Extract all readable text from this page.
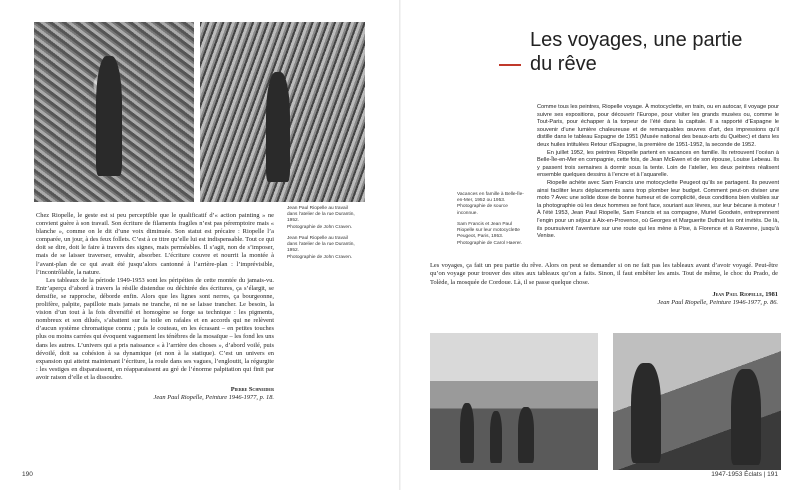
Chez Riopelle, le geste est si peu perceptible que le qualificatif d’« action painting » ne convient guère à son travail. Son écriture de filaments fragiles n’est pas péremptoire mais « blanche », comme on le dit d’une voix diminuée. Son statut est précaire : Riopelle l’a comparée, un jour, à des feux follets. C’est à ce titre qu’elle lui est indispensable. Tout ce qui doit se dire, doit le faire à travers des signes, mais perméables. Il s’agit, non de s’imposer, mais de se laisser traverser, envahir, absorber. L’écriture couvre et nourrit la montée à l’avant-plan de ce qui avait été jusqu’alors cantonné à l’arrière-plan : l’imprévisible, l’incontrôlable, la nature.

Les tableaux de la période 1949-1953 sont les péripéties de cette montée du jamais-vu. Entr’aperçu d’abord à travers la résille distendue ou déchirée des écritures, ça s’élargit, se densifie, se rapproche, déborde enfin. Alors que les lignes sont nerres, ça bourgeonne, prolifère, palpite, papillote mais jamais ne tranche, ni ne se laisse trancher. Le besoin, la vision d’un tout à la fois diversifié et homogène se forge sa technique : les pigments, nombreux et son dilués, s’abattent sur la toile en rafales et en accords qui ne relèvent d’aucun système chromatique connu ; puis le couteau, en les écrasant – en petites touches plus ou moins carrées qui évoquent vaguement les ténèbres de la mosaïque – les fond les uns dans les autres. L’univers qui a pris naissance « à l’arrière des choses », d’abord voilé, puis dévoilé, doit sa cohésion à sa dynamique (et non à la statique). C’est un univers en expansion qui atteint maintenant l’écriture, la roule dans ses vagues, l’engloutit, la régurgite : les vestiges en disparaissent, en réapparaissent au gré de l’énorme palpitation qui finit par avoir raison d’elle et la dissoudre.

Pierre Schneider
Jean Paul Riopelle, Peinture 1946-1977, p. 18.
Jean Paul Riopelle au travail
dans l’atelier de la rue Durantin,
1952.
Photographie de John Craven.
Jean Paul Riopelle au travail
dans l’atelier de la rue Durantin,
1952.
Photographie de John Craven.
190
Les voyages, une partie du rêve
Vacances en famille à Belle-Île-
en-Mer, 1952 ou 1953.
Photographie de source
inconnue.
Sam Francis et Jean Paul
Riopelle sur leur motocyclette
Peugeot, Paris, 1953.
Photographie de Carol Haerer.

Comme tous les peintres, Riopelle voyage. À motocyclette, en train, ou en autocar, il voyage pour suivre ses expositions, pour découvrir l’Europe, pour visiter les grands musées ou, comme le Tout-Paris, pour échapper à la torpeur de l’été dans la capitale. Il a rapporté d’Espagne le souvenir d’une lumière chaleureuse et de remarquables œuvres d’art, des impressions qu’il distille dans le tableau Espagne de 1951 (Musée national des beaux-arts du Québec) et dans les deux huiles intitulées Retour d’Espagne, la première de 1951-1952, la seconde de 1952.

En juillet 1952, les peintres Riopelle partent en vacances en famille. Ils retrouvent l’océan à Belle-Île-en-Mer en compagnie, cette fois, de Jean McEwen et de son épouse, Louise Lebeau. Ils y passent trois semaines à dormir sous la tente. Loin de l’atelier, les deux peintres réalisent ensemble quelques dessins à l’encre et à l’aquarelle.

Riopelle achète avec Sam Francis une motocyclette Peugeot qu’ils se partagent. Ils peuvent ainsi faciliter leurs déplacements sans trop plomber leur budget. Comment peut-on diviser une moto ? Avec une solide dose de bonne humeur et de complicité, deux conditions bien visibles sur la photographie où les deux hommes se font face, souriant aux lèvres, sur leur bécane à moteur ! À l’été 1953, Jean Paul Riopelle, Sam Francis et sa compagne, Muriel Goodwin, entreprennent l’engin pour un séjour à Aix-en-Provence, où Georges et Marguerite Duthuit les ont invités. De là, ils poursuivent l’aventure sur une route qui les mène à Pise, à Florence et à Ravenne, jusqu’à Venise.

Les voyages, ça fait un peu partie du rêve. Alors on peut se demander si on ne fait pas les tableaux avant d’avoir voyagé. Peut-être qu’on voyage pour trouver des sites aux tableaux qu’on a faits. Sinon, il faut embêter les amis. Tout de même, le choc du Prado, de Tolède, la mosquée de Cordoue. Là, il se passe quelque chose.

Jean Paul Riopelle, 1981
Jean Paul Riopelle, Peinture 1946-1977, p. 86.
1947-1953 Éclats | 191
